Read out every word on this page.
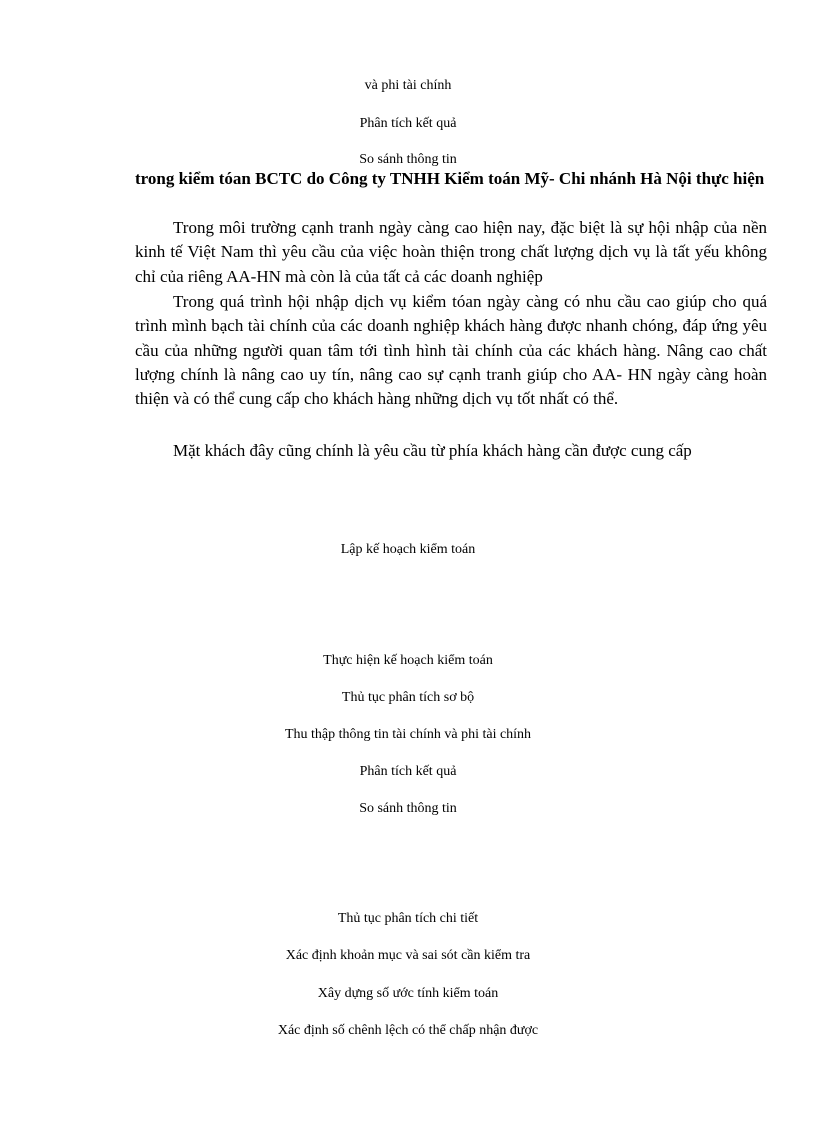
và phi tài chính

Phân tích kết quả

So sánh thông tin

trong kiểm tóan BCTC do Công ty TNHH Kiểm toán Mỹ- Chi nhánh Hà Nội thực hiện

Trong môi trường cạnh tranh ngày càng cao hiện nay, đặc biệt là sự hội nhập của nền kinh tế Việt Nam thì yêu cầu của việc hoàn thiện trong chất lượng dịch vụ là tất yếu không chỉ của riêng AA-HN mà còn là của tất cả các doanh nghiệp

Trong quá trình hội nhập dịch vụ kiểm tóan ngày càng có nhu cầu cao giúp cho quá trình mình bạch tài chính của các doanh nghiệp khách hàng được nhanh chóng, đáp ứng yêu cầu của những người quan tâm tới tình hình tài chính của các khách hàng. Nâng cao chất lượng chính là nâng cao uy tín, nâng cao sự cạnh tranh giúp cho AA- HN ngày càng hoàn thiện và có thể cung cấp cho khách hàng những dịch vụ tốt nhất có thể.

Mặt khách đây cũng chính là yêu cầu từ phía khách hàng cần được cung cấp

Lập kế hoạch kiểm toán

Thực hiện kế hoạch kiểm toán

Thủ tục phân tích sơ bộ

Thu thập thông tin tài chính và phi tài chính

Phân tích kết quả

So sánh thông tin

Thủ tục phân tích chi tiết

Xác định khoản mục và sai sót cần kiểm tra

Xây dựng số ước tính kiểm toán

Xác định số chênh lệch có thể chấp nhận được
